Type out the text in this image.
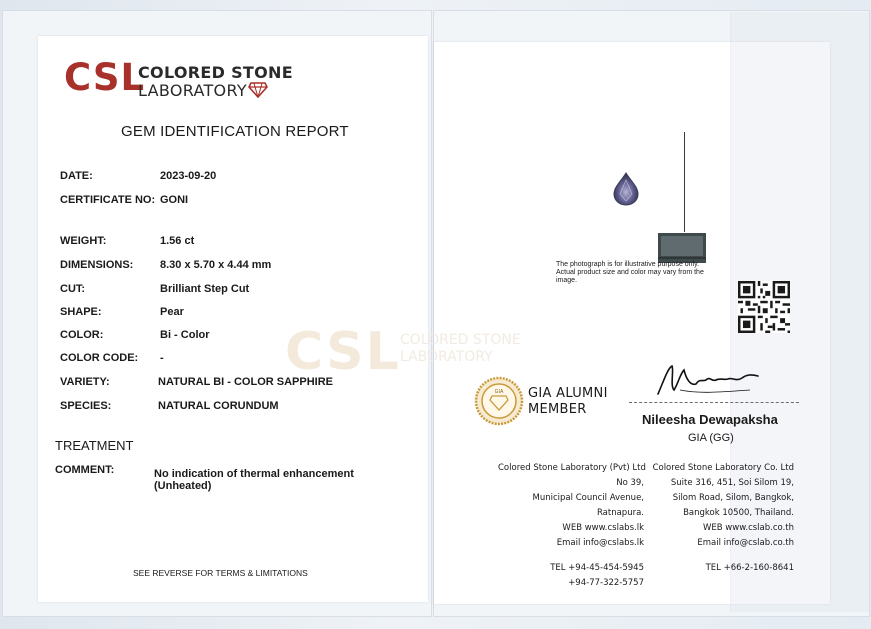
CSL COLORED STONE
LABORATORY
CSL
COLORED STONE
LABORATORY
GEM IDENTIFICATION REPORT
DATE:	2023-09-20
CERTIFICATE NO: GONI
WEIGHT:	1.56 ct
DIMENSIONS: 8.30 x 5.70 x 4.44 mm
CUT:	Brilliant Step Cut
SHAPE:	Pear
COLOR:	Bi - Color
COLOR CODE: -
VARIETY:	NATURAL BI - COLOR SAPPHIRE
SPECIES:	NATURAL CORUNDUM
TREATMENT
COMMENT:	No indication of thermal enhancement (Unheated)
SEE REVERSE FOR TERMS & LIMITATIONS
The photograph is for illustrative purpose only. Actual product size and color may vary from the image.
GIA GIA ALUMNI
MEMBER
Nileesha Dewapaksha
GIA (GG)
Colored Stone Laboratory (Pvt) Ltd
No 39,
Municipal Council Avenue,
Ratnapura.
WEB www.cslabs.lk
Email info@cslabs.lk
TEL +94-45-454-5945
+94-77-322-5757
Colored Stone Laboratory Co. Ltd
Suite 316, 451, Soi Silom 19,
Silom Road, Silom, Bangkok,
Bangkok 10500, Thailand.
WEB www.cslab.co.th
Email info@cslab.co.th
TEL +66-2-160-8641
